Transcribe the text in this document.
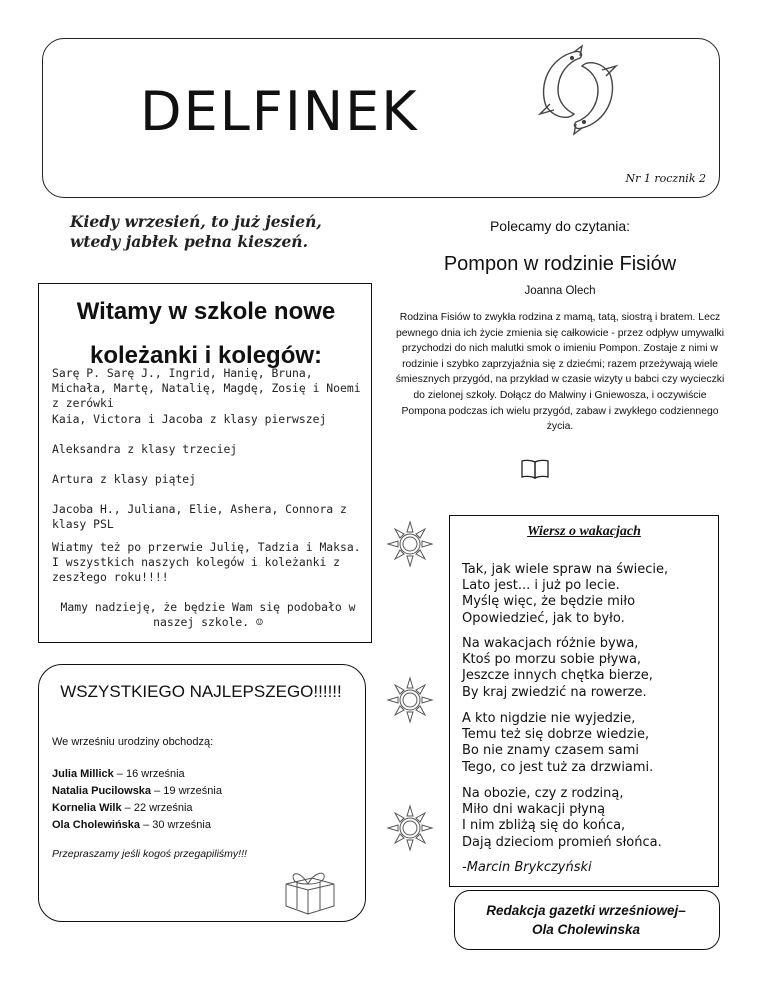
DELFINEK
Nr 1 rocznik 2
Kiedy wrzesień, to już jesień,
wtedy jabłek pełna kieszeń.
Witamy w szkole nowe
koleżanki i kolegów:
Sarę P. Sarę J., Ingrid, Hanię, Bruna, Michała, Martę, Natalię, Magdę, Zosię i Noemi z zerówki
Kaia, Victora i Jacoba z klasy pierwszej
Aleksandra z klasy trzeciej
Artura z klasy piątej
Jacoba H., Juliana, Elie, Ashera, Connora z klasy PSL
Wiatmy też po przerwie Julię, Tadzia i Maksa. I wszystkich naszych kolegów i koleżanki z zeszłego roku!!!!
Mamy nadzieję, że będzie Wam się podobało w naszej szkole. ☺
Polecamy do czytania:
Pompon w rodzinie Fisiów
Joanna Olech
Rodzina Fisiów to zwykła rodzina z mamą, tatą, siostrą i bratem. Lecz pewnego dnia ich życie zmienia się całkowicie - przez odpływ umywalki przychodzi do nich malutki smok o imieniu Pompon. Zostaje z nimi w rodzinie i szybko zaprzyjaźnia się z dziećmi; razem przeżywają wiele śmiesznych przygód, na przykład w czasie wizyty u babci czy wycieczki do zielonej szkoły. Dołącz do Malwiny i Gniewosza, i oczywiście Pompona podczas ich wielu przygód, zabaw i zwykłego codziennego życia.
Wiersz o wakacjach
Tak, jak wiele spraw na świecie,
Lato jest... i już po lecie.
Myślę więc, że będzie miło
Opowiedzieć, jak to było.
Na wakacjach różnie bywa,
Ktoś po morzu sobie pływa,
Jeszcze innych chętka bierze,
By kraj zwiedzić na rowerze.
A kto nigdzie nie wyjedzie,
Temu też się dobrze wiedzie,
Bo nie znamy czasem sami
Tego, co jest tuż za drzwiami.
Na obozie, czy z rodziną,
Miło dni wakacji płyną
I nim zbliżą się do końca,
Dają dzieciom promień słońca.
-Marcin Brykczyński
WSZYSTKIEGO NAJLEPSZEGO!!!!!!
We wrześniu urodziny obchodzą:
Julia Millick – 16 września
Natalia Pucilowska – 19 września
Kornelia Wilk – 22 września
Ola Cholewińska – 30 września
Przepraszamy jeśli kogoś przegapiliśmy!!!
Redakcja gazetki wrześniowej–
Ola Cholewinska
